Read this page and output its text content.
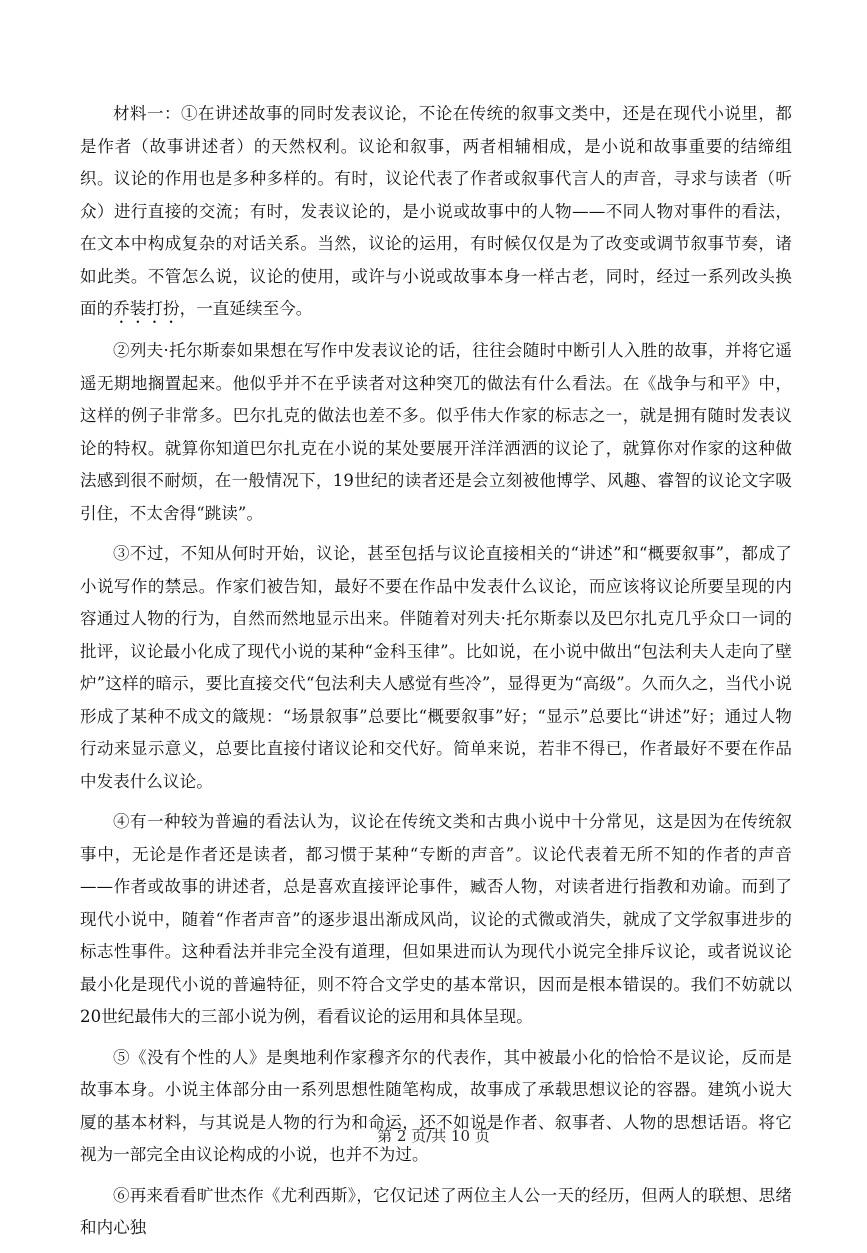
材料一：①在讲述故事的同时发表议论，不论在传统的叙事文类中，还是在现代小说里，都是作者（故事讲述者）的天然权利。议论和叙事，两者相辅相成，是小说和故事重要的结缔组织。议论的作用也是多种多样的。有时，议论代表了作者或叙事代言人的声音，寻求与读者（听众）进行直接的交流；有时，发表议论的，是小说或故事中的人物——不同人物对事件的看法，在文本中构成复杂的对话关系。当然，议论的运用，有时候仅仅是为了改变或调节叙事节奏，诸如此类。不管怎么说，议论的使用，或许与小说或故事本身一样古老，同时，经过一系列改头换面的乔装打扮，一直延续至今。

②列夫·托尔斯泰如果想在写作中发表议论的话，往往会随时中断引人入胜的故事，并将它遥遥无期地搁置起来。他似乎并不在乎读者对这种突兀的做法有什么看法。在《战争与和平》中，这样的例子非常多。巴尔扎克的做法也差不多。似乎伟大作家的标志之一，就是拥有随时发表议论的特权。就算你知道巴尔扎克在小说的某处要展开洋洋洒洒的议论了，就算你对作家的这种做法感到很不耐烦，在一般情况下，19世纪的读者还是会立刻被他博学、风趣、睿智的议论文字吸引住，不太舍得“跳读”。

③不过，不知从何时开始，议论，甚至包括与议论直接相关的“讲述”和“概要叙事”，都成了小说写作的禁忌。作家们被告知，最好不要在作品中发表什么议论，而应该将议论所要呈现的内容通过人物的行为，自然而然地显示出来。伴随着对列夫·托尔斯泰以及巴尔扎克几乎众口一词的批评，议论最小化成了现代小说的某种“金科玉律”。比如说，在小说中做出“包法利夫人走向了壁炉”这样的暗示，要比直接交代“包法利夫人感觉有些冷”，显得更为“高级”。久而久之，当代小说形成了某种不成文的箴规：“场景叙事”总要比“概要叙事”好；“显示”总要比“讲述”好；通过人物行动来显示意义，总要比直接付诸议论和交代好。简单来说，若非不得已，作者最好不要在作品中发表什么议论。

④有一种较为普遍的看法认为，议论在传统文类和古典小说中十分常见，这是因为在传统叙事中，无论是作者还是读者，都习惯于某种“专断的声音”。议论代表着无所不知的作者的声音——作者或故事的讲述者，总是喜欢直接评论事件，臧否人物，对读者进行指教和劝谕。而到了现代小说中，随着“作者声音”的逐步退出渐成风尚，议论的式微或消失，就成了文学叙事进步的标志性事件。这种看法并非完全没有道理，但如果进而认为现代小说完全排斥议论，或者说议论最小化是现代小说的普遍特征，则不符合文学史的基本常识，因而是根本错误的。我们不妨就以20世纪最伟大的三部小说为例，看看议论的运用和具体呈现。

⑤《没有个性的人》是奥地利作家穆齐尔的代表作，其中被最小化的恰恰不是议论，反而是故事本身。小说主体部分由一系列思想性随笔构成，故事成了承载思想议论的容器。建筑小说大厦的基本材料，与其说是人物的行为和命运，还不如说是作者、叙事者、人物的思想话语。将它视为一部完全由议论构成的小说，也并不为过。

⑥再来看看旷世杰作《尤利西斯》，它仅记述了两位主人公一天的经历，但两人的联想、思绪和内心独

第 2 页/共 10 页
